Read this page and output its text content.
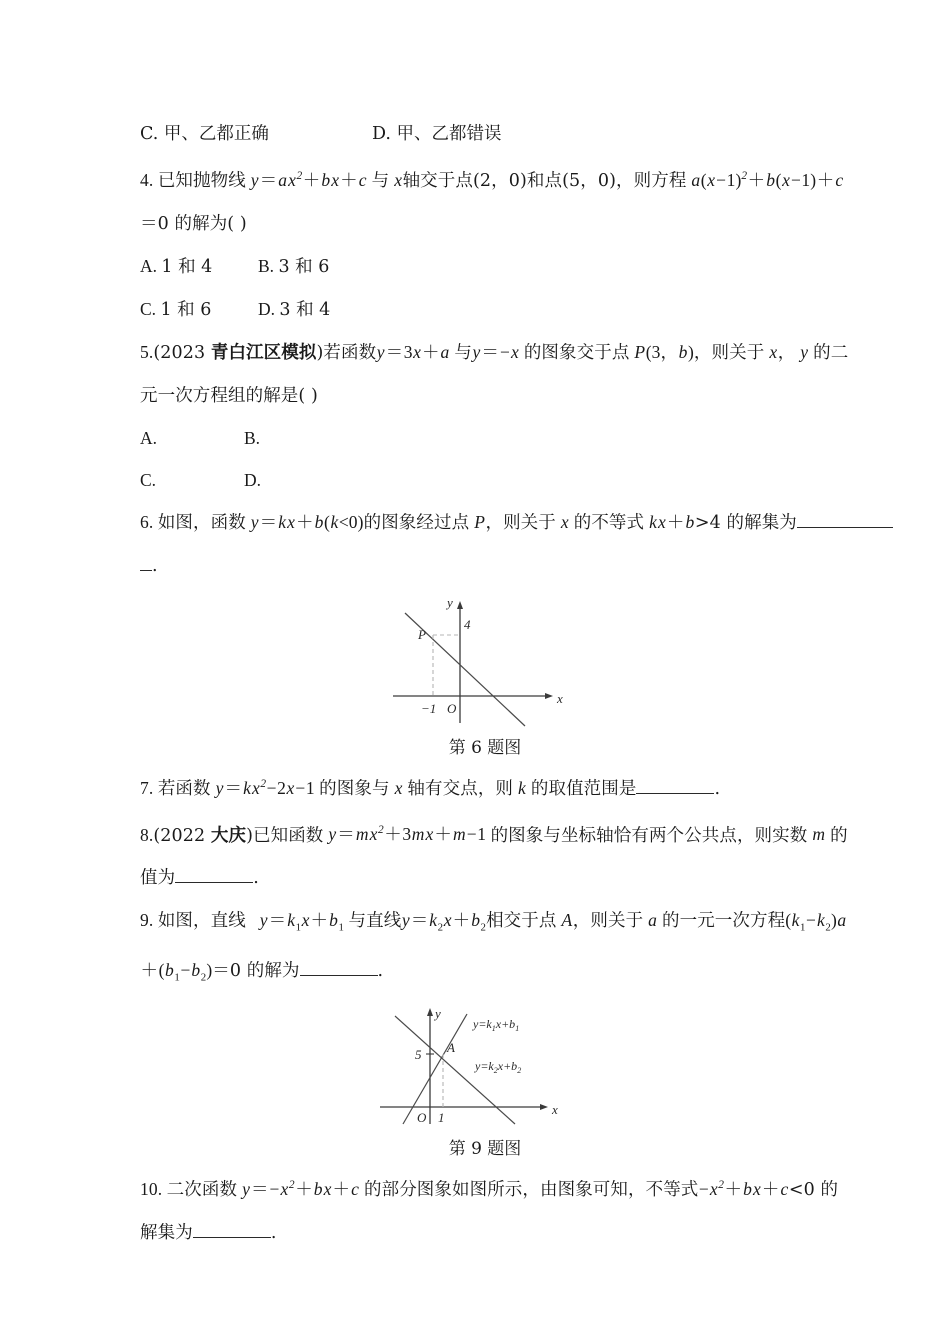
C. 甲、乙都正确	D. 甲、乙都错误
4. 已知抛物线 $y=ax^2+bx+c$ 与 x轴交于点(2，0)和点(5，0)，则方程 $a(x-1)^2+b(x-1)+c$
＝0 的解为( )
A. 1 和 4	B. 3 和 6
C. 1 和 6	D. 3 和 4
5.(2023 青白江区模拟)若函数y＝3x＋a 与y＝−x 的图象交于点 P(3，b)，则关于 x， y 的二
元一次方程组的解是( )
A.	B.
C.	D.
6. 如图，函数 y＝kx＋b(k<0)的图象经过点 P，则关于 x 的不等式 kx＋b>4 的解集为
.
y
x
P
4
−1 O
第 6 题图
7. 若函数 $y=kx^2-2x-1$ 的图象与 x 轴有交点，则 k 的取值范围是	.
8.(2022 大庆)已知函数 $y=mx^2+3mx+m-1$ 的图象与坐标轴恰有两个公共点，则实数 m 的
值为	.
9. 如图，直线 $y=k_1x+b_1$ 与直线$y=k_2x+b_2$相交于点 A，则关于 a 的一元一次方程$(k_1-k_2)a$
$+(b_1-b_2)=0$ 的解为	.
y
x
5 A
O 1
$y=k_1x+b_1$
$y=k_2x+b_2$
第 9 题图
10. 二次函数 $y=-x^2+bx+c$ 的部分图象如图所示，由图象可知，不等式$-x^2+bx+c<0$ 的
解集为	.
